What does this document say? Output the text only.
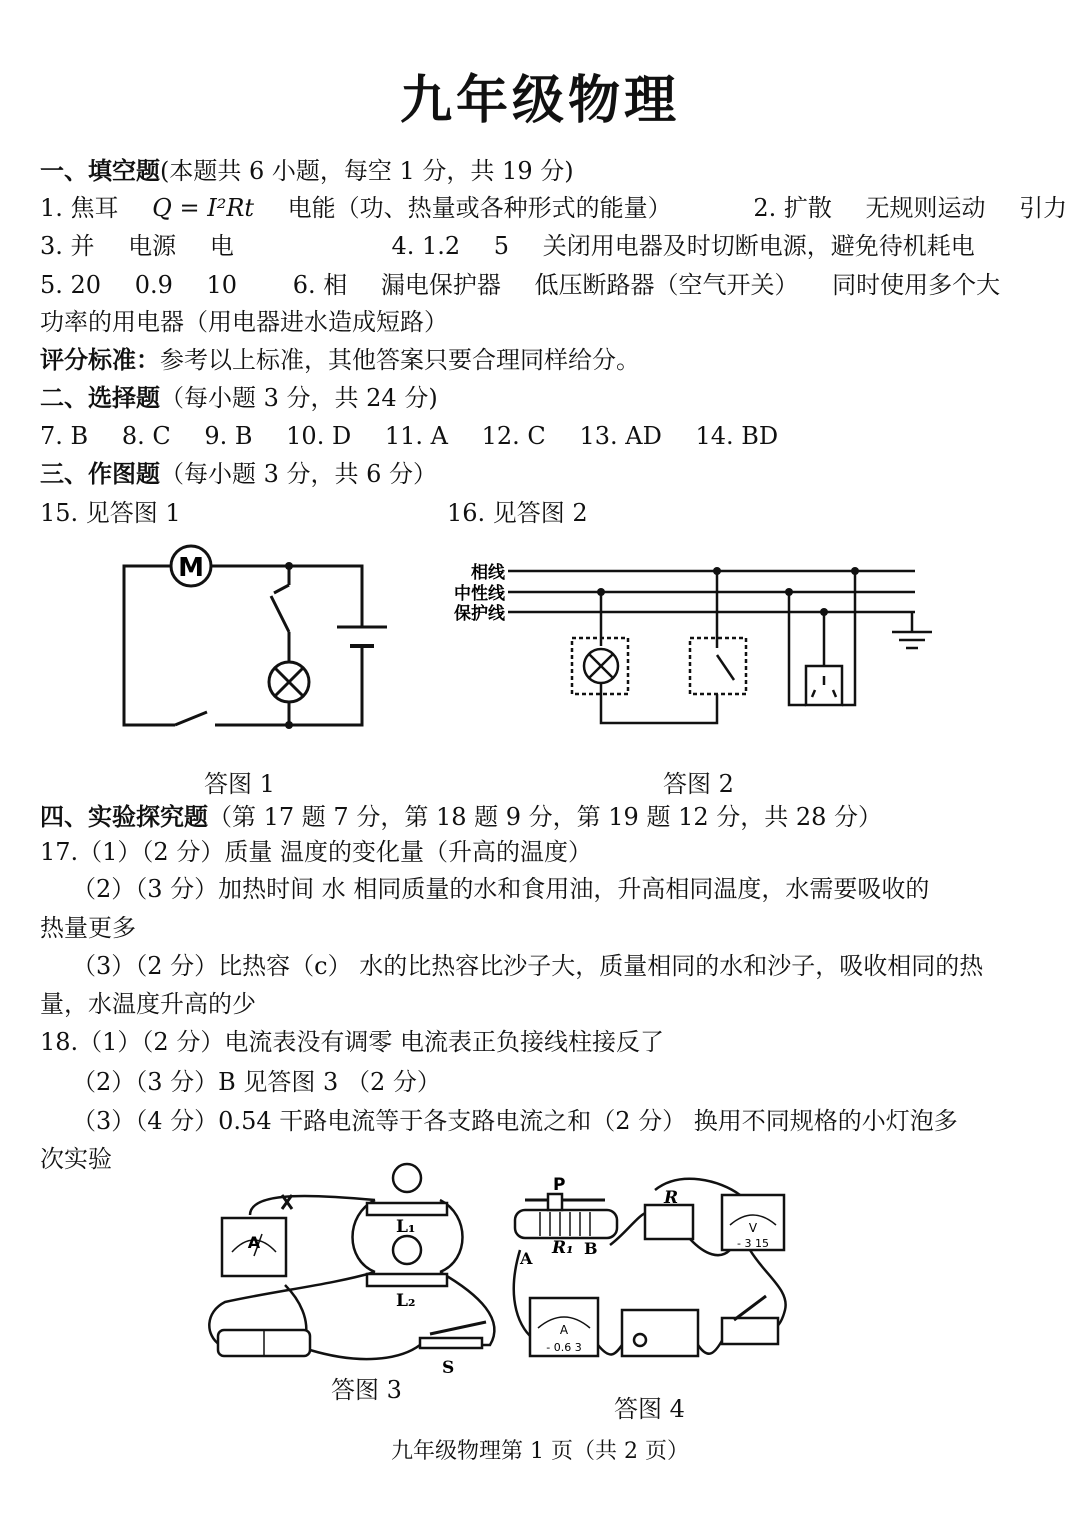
九年级物理
一、填空题(本题共 6 小题，每空 1 分，共 19 分)
1. 焦耳 Q = I²Rt 电能（功、热量或各种形式的能量）	2. 扩散 无规则运动 引力
3. 并 电源 电	4. 1.2 5 关闭用电器及时切断电源，避免待机耗电
5. 20 0.9 10 6. 相 漏电保护器 低压断路器（空气开关） 同时使用多个大
功率的用电器（用电器进水造成短路）
评分标准：参考以上标准，其他答案只要合理同样给分。
二、选择题（每小题 3 分，共 24 分)
7. B 8. C 9. B 10. D 11. A 12. C 13. AD 14. BD
三、作图题（每小题 3 分，共 6 分）
15. 见答图 1	16. 见答图 2
M	相线
中性线
保护线
答图 1	答图 2
四、实验探究题（第 17 题 7 分，第 18 题 9 分，第 19 题 12 分，共 28 分）
17.（1）（2 分）质量 温度的变化量（升高的温度）
（2）（3 分）加热时间 水 相同质量的水和食用油，升高相同温度，水需要吸收的
热量更多
（3）（2 分）比热容（c） 水的比热容比沙子大，质量相同的水和沙子，吸收相同的热
量，水温度升高的少
18.（1）（2 分）电流表没有调零 电流表正负接线柱接反了
（2）（3 分）B 见答图 3 （2 分）
（3）（4 分）0.54 干路电流等于各支路电流之和（2 分） 换用不同规格的小灯泡多
次实验
A
L₁
L₂
S
P
R
R₁
A
B
V
- 3 15
A
- 0.6 3
答图 3
答图 4
九年级物理第 1 页（共 2 页）
